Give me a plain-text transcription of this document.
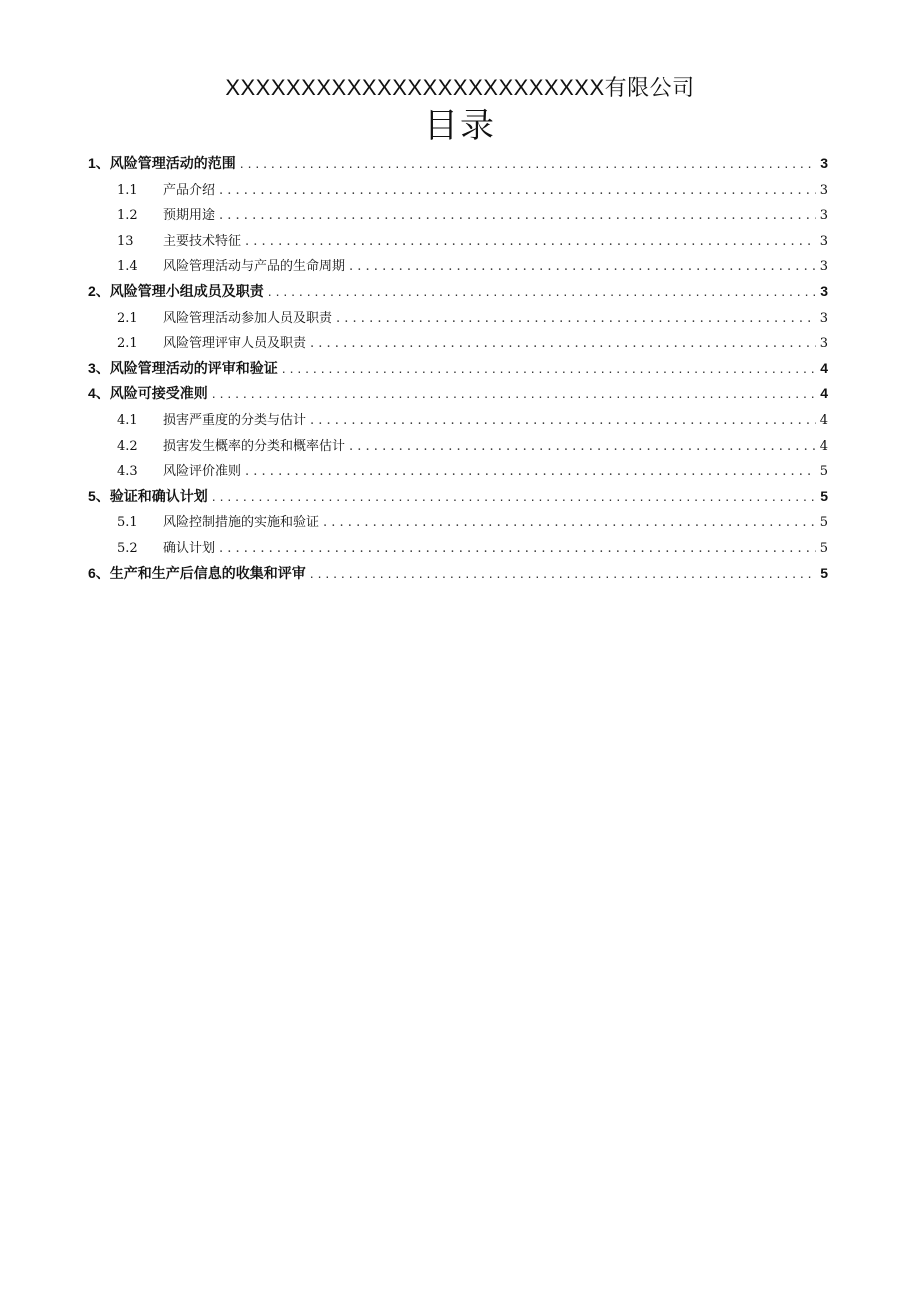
XXXXXXXXXXXXXXXXXXXXXXXXX有限公司
目录
1、 风险管理活动的范围 . . .	3
1.1	产品介绍 . . .	3
1.2	预期用途 . . .	3
13	主要技术特征 . . .	3
1.4	风险管理活动与产品的生命周期 . . .	3
2、 风险管理小组成员及职责 . . .	3
2.1	风险管理活动参加人员及职责 . . .	3
2.1	风险管理评审人员及职责 . . .	3
3、 风险管理活动的评审和验证 . . .	4
4、 风险可接受准则 . . .	4
4.1	损害严重度的分类与估计 . . .	4
4.2	损害发生概率的分类和概率估计 . . .	4
4.3	风险评价准则 . . .	5
5、 验证和确认计划 . . .	5
5.1	风险控制措施的实施和验证 . . .	5
5.2	确认计划 . . .	5
6、 生产和生产后信息的收集和评审 . . .	5
